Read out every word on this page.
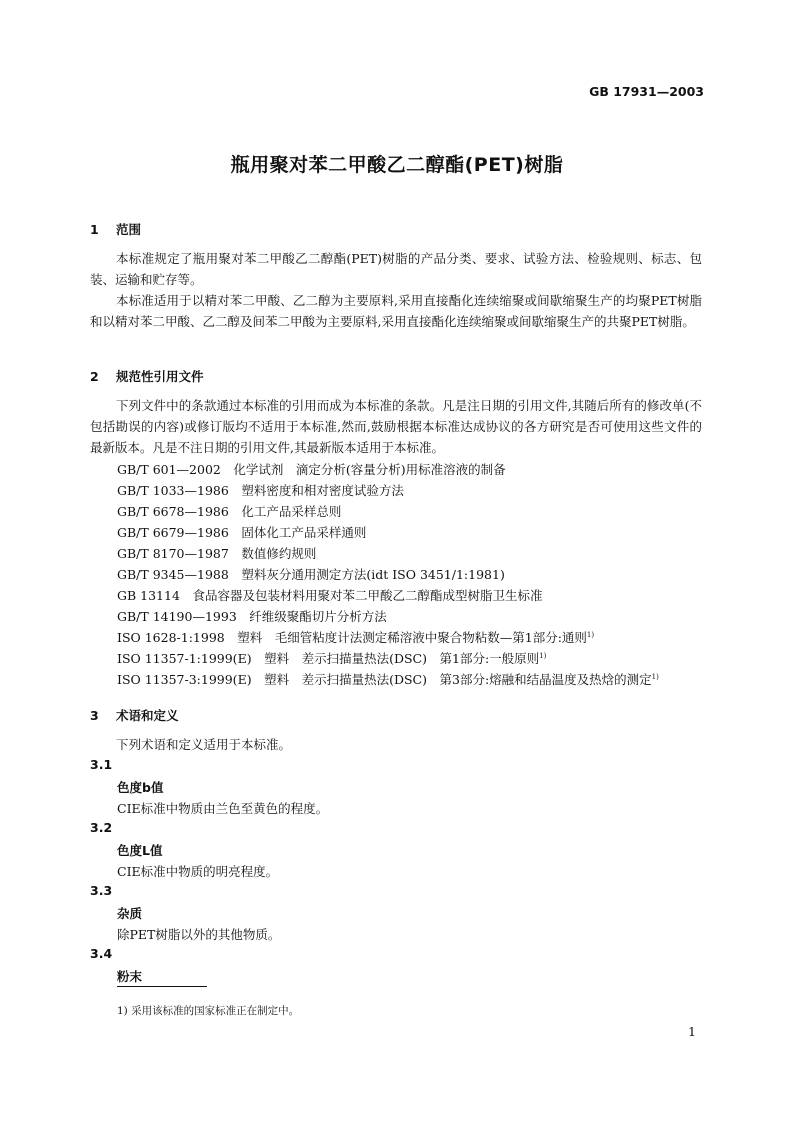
GB 17931—2003
瓶用聚对苯二甲酸乙二醇酯(PET)树脂
1 范围
本标准规定了瓶用聚对苯二甲酸乙二醇酯(PET)树脂的产品分类、要求、试验方法、检验规则、标志、包装、运输和贮存等。
本标准适用于以精对苯二甲酸、乙二醇为主要原料,采用直接酯化连续缩聚或间歇缩聚生产的均聚PET树脂和以精对苯二甲酸、乙二醇及间苯二甲酸为主要原料,采用直接酯化连续缩聚或间歇缩聚生产的共聚PET树脂。
2 规范性引用文件
下列文件中的条款通过本标准的引用而成为本标准的条款。凡是注日期的引用文件,其随后所有的修改单(不包括勘误的内容)或修订版均不适用于本标准,然而,鼓励根据本标准达成协议的各方研究是否可使用这些文件的最新版本。凡是不注日期的引用文件,其最新版本适用于本标准。
GB/T 601—2002　 化学试剂　滴定分析(容量分析)用标准溶液的制备
GB/T 1033—1986　 塑料密度和相对密度试验方法
GB/T 6678—1986　 化工产品采样总则
GB/T 6679—1986　 固体化工产品采样通则
GB/T 8170—1987　 数值修约规则
GB/T 9345—1988　 塑料灰分通用测定方法(idt ISO 3451/1:1981)
GB 13114　 食品容器及包装材料用聚对苯二甲酸乙二醇酯成型树脂卫生标准
GB/T 14190—1993　 纤维级聚酯切片分析方法
ISO 1628-1:1998　 塑料　毛细管粘度计法测定稀溶液中聚合物粘数—第1部分:通则$^{1)}$
ISO 11357-1:1999(E)　 塑料　差示扫描量热法(DSC)　第1部分:一般原则$^{1)}$
ISO 11357-3:1999(E)　 塑料　差示扫描量热法(DSC)　第3部分:熔融和结晶温度及热焓的测定$^{1)}$
3 术语和定义
下列术语和定义适用于本标准。
3.1
色度b值
CIE标准中物质由兰色至黄色的程度。
3.2
色度L值
CIE标准中物质的明亮程度。
3.3
杂质
除PET树脂以外的其他物质。
3.4
粉末
1) 采用该标准的国家标准正在制定中。
1
